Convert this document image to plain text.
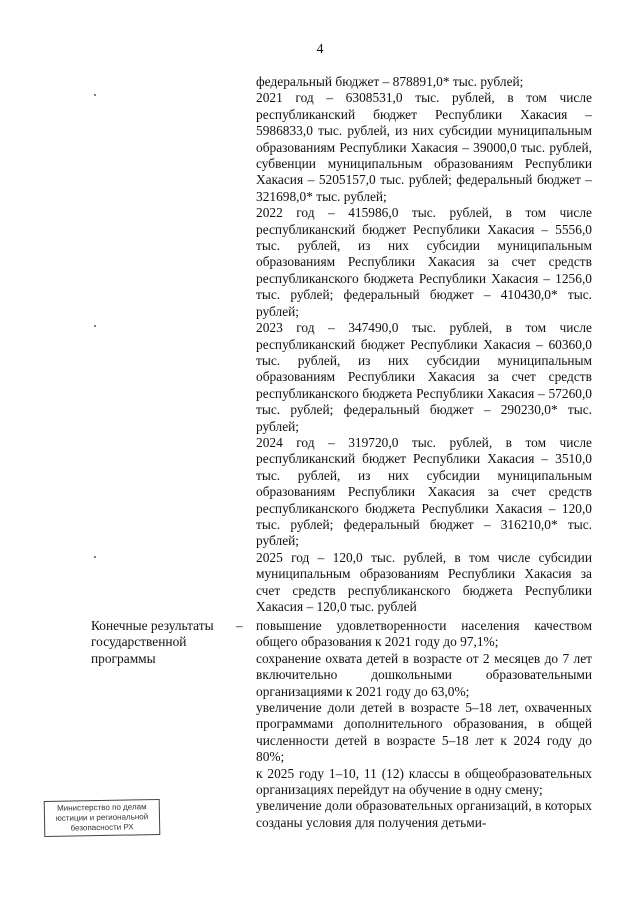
4

федеральный бюджет – 878891,0* тыс. рублей;

2021 год – 6308531,0 тыс. рублей, в том числе республиканский бюджет Республики Хакасия – 5986833,0 тыс. рублей, из них субсидии муниципальным образованиям Республики Хакасия – 39000,0 тыс. рублей, субвенции муниципальным образованиям Республики Хакасия – 5205157,0 тыс. рублей; федеральный бюджет – 321698,0* тыс. рублей;

2022 год – 415986,0 тыс. рублей, в том числе республиканский бюджет Республики Хакасия – 5556,0 тыс. рублей, из них субсидии муниципальным образованиям Республики Хакасия за счет средств республиканского бюджета Республики Хакасия – 1256,0 тыс. рублей; федеральный бюджет – 410430,0* тыс. рублей;

2023 год – 347490,0 тыс. рублей, в том числе республиканский бюджет Республики Хакасия – 60360,0 тыс. рублей, из них субсидии муниципальным образованиям Республики Хакасия за счет средств республиканского бюджета Республики Хакасия – 57260,0 тыс. рублей; федеральный бюджет – 290230,0* тыс. рублей;

2024 год – 319720,0 тыс. рублей, в том числе республиканский бюджет Республики Хакасия – 3510,0 тыс. рублей, из них субсидии муниципальным образованиям Республики Хакасия за счет средств республиканского бюджета Республики Хакасия – 120,0 тыс. рублей; федеральный бюджет – 316210,0* тыс. рублей;

2025 год – 120,0 тыс. рублей, в том числе субсидии муниципальным образованиям Республики Хакасия за счет средств республиканского бюджета Республики Хакасия – 120,0 тыс. рублей

Конечные результаты государственной программы
– повышение удовлетворенности населения качеством общего образования к 2021 году до 97,1%;

сохранение охвата детей в возрасте от 2 месяцев до 7 лет включительно дошкольными образовательными организациями к 2021 году до 63,0%;

увеличение доли детей в возрасте 5–18 лет, охваченных программами дополнительного образования, в общей численности детей в возрасте 5–18 лет к 2024 году до 80%;

к 2025 году 1–10, 11 (12) классы в общеобразовательных организациях перейдут на обучение в одну смену;

увеличение доли образовательных организаций, в которых созданы условия для получения детьми-

Министерство по делам
юстиции и региональной
безопасности РХ
